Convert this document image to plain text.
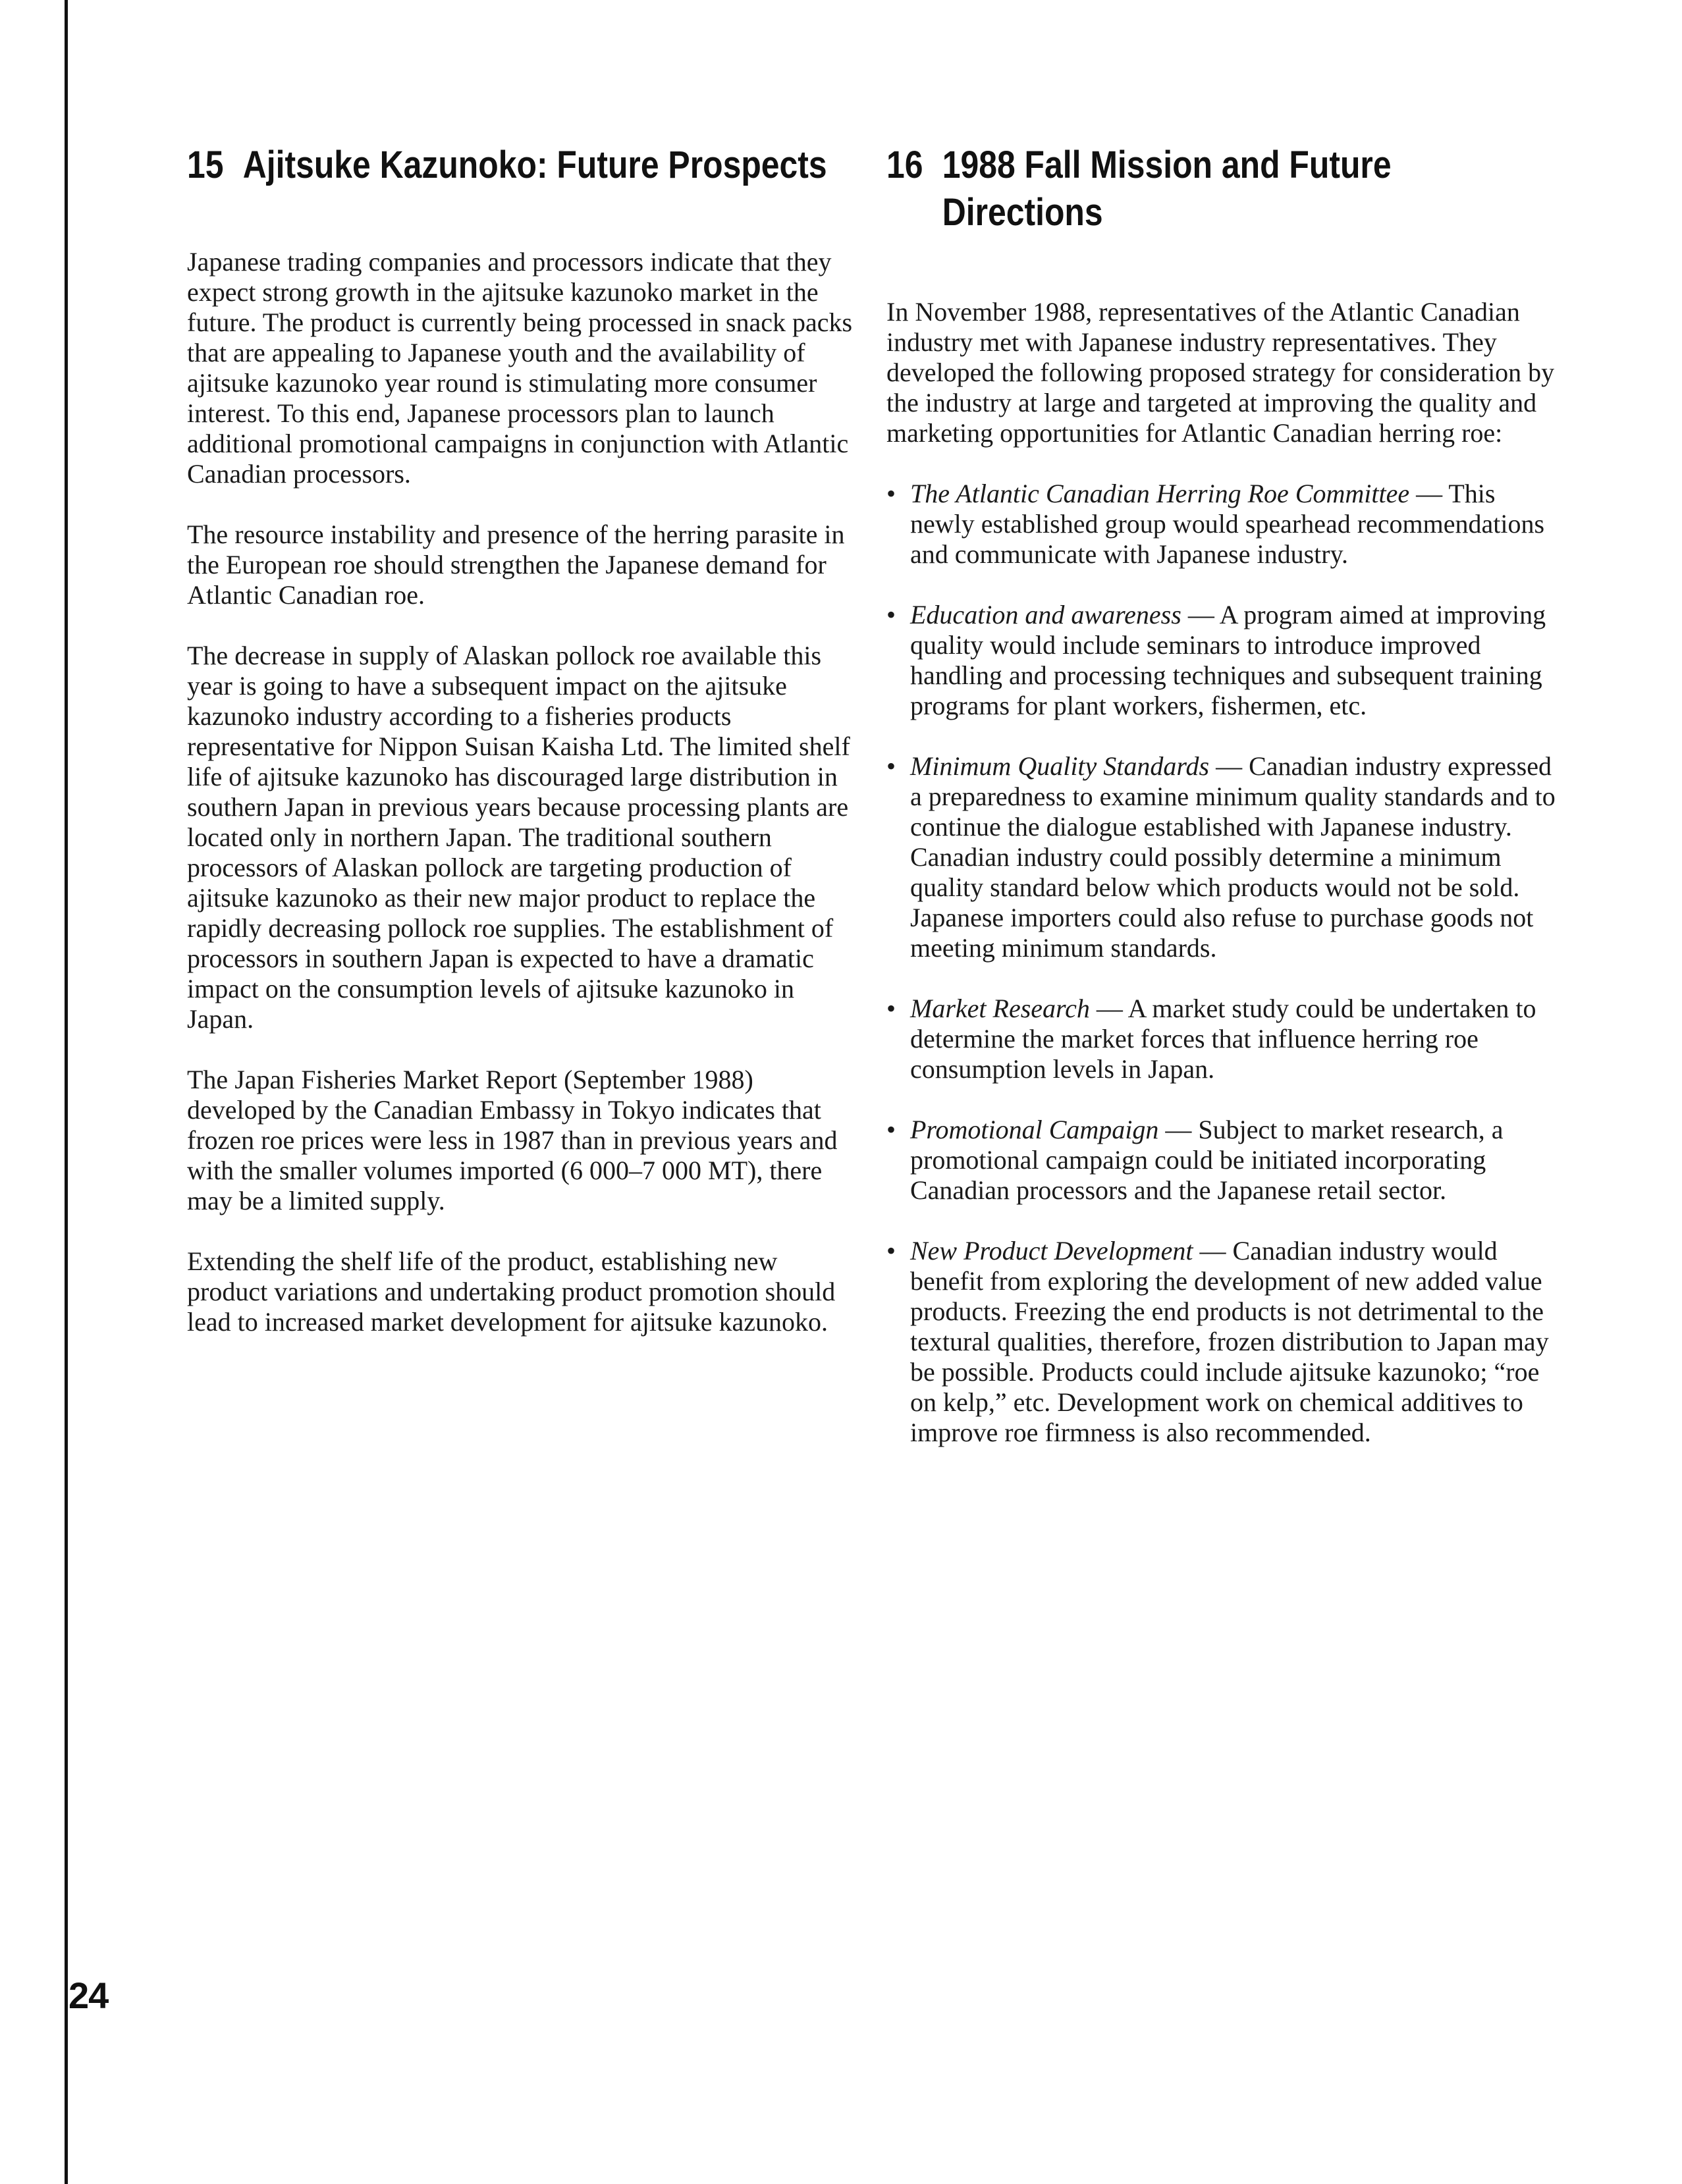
15 Ajitsuke Kazunoko: Future Prospects

Japanese trading companies and processors indicate that they expect strong growth in the ajitsuke kazunoko market in the future. The product is currently being processed in snack packs that are appealing to Japanese youth and the availability of ajitsuke kazunoko year round is stimulating more consumer interest. To this end, Japanese processors plan to launch additional promotional campaigns in conjunction with Atlantic Canadian processors.

The resource instability and presence of the herring parasite in the European roe should strengthen the Japanese demand for Atlantic Canadian roe.

The decrease in supply of Alaskan pollock roe available this year is going to have a subsequent impact on the ajitsuke kazunoko industry according to a fisheries products representative for Nippon Suisan Kaisha Ltd. The limited shelf life of ajitsuke kazunoko has discouraged large distribution in southern Japan in previous years because processing plants are located only in northern Japan. The traditional southern processors of Alaskan pollock are targeting production of ajitsuke kazunoko as their new major product to replace the rapidly decreasing pollock roe supplies. The establishment of processors in southern Japan is expected to have a dramatic impact on the consumption levels of ajitsuke kazunoko in Japan.

The Japan Fisheries Market Report (September 1988) developed by the Canadian Embassy in Tokyo indicates that frozen roe prices were less in 1987 than in previous years and with the smaller volumes imported (6 000–7 000 MT), there may be a limited supply.

Extending the shelf life of the product, establishing new product variations and undertaking product promotion should lead to increased market development for ajitsuke kazunoko.

16 1988 Fall Mission and Future Directions

In November 1988, representatives of the Atlantic Canadian industry met with Japanese industry representatives. They developed the following proposed strategy for consideration by the industry at large and targeted at improving the quality and marketing opportunities for Atlantic Canadian herring roe:

• The Atlantic Canadian Herring Roe Committee — This newly established group would spearhead recommendations and communicate with Japanese industry.
• Education and awareness — A program aimed at improving quality would include seminars to introduce improved handling and processing techniques and subsequent training programs for plant workers, fishermen, etc.
• Minimum Quality Standards — Canadian industry expressed a preparedness to examine minimum quality standards and to continue the dialogue established with Japanese industry. Canadian industry could possibly determine a minimum quality standard below which products would not be sold. Japanese importers could also refuse to purchase goods not meeting minimum standards.
• Market Research — A market study could be undertaken to determine the market forces that influence herring roe consumption levels in Japan.
• Promotional Campaign — Subject to market research, a promotional campaign could be initiated incorporating Canadian processors and the Japanese retail sector.
• New Product Development — Canadian industry would benefit from exploring the development of new added value products. Freezing the end products is not detrimental to the textural qualities, therefore, frozen distribution to Japan may be possible. Products could include ajitsuke kazunoko; “roe on kelp,” etc. Development work on chemical additives to improve roe firmness is also recommended.
24
